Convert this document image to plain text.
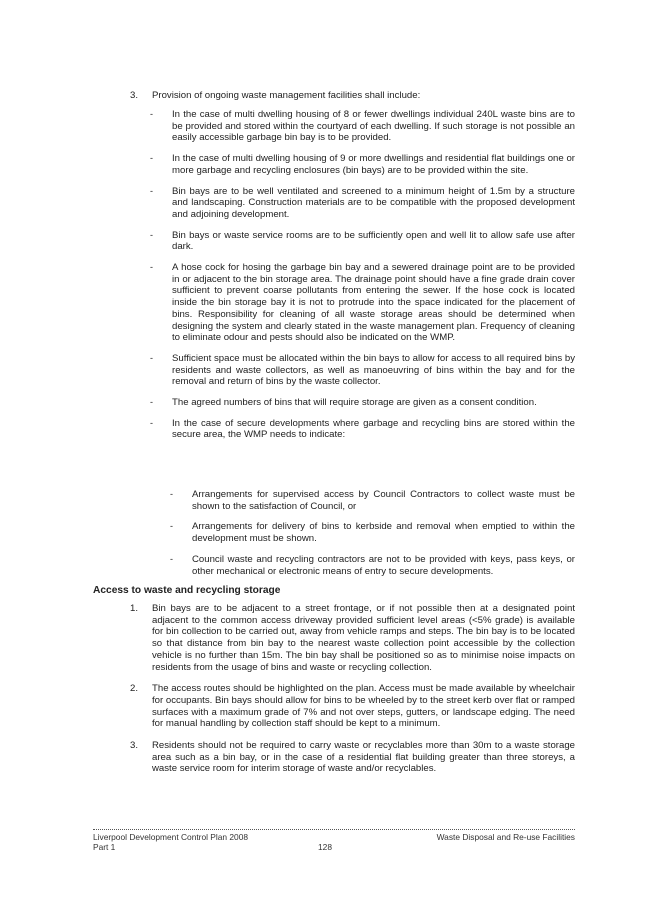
3.	Provision of ongoing waste management facilities shall include:
-	In the case of multi dwelling housing of 8 or fewer dwellings individual 240L waste bins are to be provided and stored within the courtyard of each dwelling. If such storage is not possible an easily accessible garbage bin bay is to be provided.
-	In the case of multi dwelling housing of 9 or more dwellings and residential flat buildings one or more garbage and recycling enclosures (bin bays) are to be provided within the site.
-	Bin bays are to be well ventilated and screened to a minimum height of 1.5m by a structure and landscaping. Construction materials are to be compatible with the proposed development and adjoining development.
-	Bin bays or waste service rooms are to be sufficiently open and well lit to allow safe use after dark.
-	A hose cock for hosing the garbage bin bay and a sewered drainage point are to be provided in or adjacent to the bin storage area. The drainage point should have a fine grade drain cover sufficient to prevent coarse pollutants from entering the sewer. If the hose cock is located inside the bin storage bay it is not to protrude into the space indicated for the placement of bins. Responsibility for cleaning of all waste storage areas should be determined when designing the system and clearly stated in the waste management plan. Frequency of cleaning to eliminate odour and pests should also be indicated on the WMP.
-	Sufficient space must be allocated within the bin bays to allow for access to all required bins by residents and waste collectors, as well as manoeuvring of bins within the bay and for the removal and return of bins by the waste collector.
-	The agreed numbers of bins that will require storage are given as a consent condition.
-	In the case of secure developments where garbage and recycling bins are stored within the secure area, the WMP needs to indicate:
-	Arrangements for supervised access by Council Contractors to collect waste must be shown to the satisfaction of Council, or
-	Arrangements for delivery of bins to kerbside and removal when emptied to within the development must be shown.
-	Council waste and recycling contractors are not to be provided with keys, pass keys, or other mechanical or electronic means of entry to secure developments.
Access to waste and recycling storage
1.	Bin bays are to be adjacent to a street frontage, or if not possible then at a designated point adjacent to the common access driveway provided sufficient level areas (<5% grade) is available for bin collection to be carried out, away from vehicle ramps and steps. The bin bay is to be located so that distance from bin bay to the nearest waste collection point accessible by the collection vehicle is no further than 15m. The bin bay shall be positioned so as to minimise noise impacts on residents from the usage of bins and waste or recycling collection.
2.	The access routes should be highlighted on the plan. Access must be made available by wheelchair for occupants. Bin bays should allow for bins to be wheeled by to the street kerb over flat or ramped surfaces with a maximum grade of 7% and not over steps, gutters, or landscape edging. The need for manual handling by collection staff should be kept to a minimum.
3.	Residents should not be required to carry waste or recyclables more than 30m to a waste storage area such as a bin bay, or in the case of a residential flat building greater than three storeys, a waste service room for interim storage of waste and/or recyclables.
Liverpool Development Control Plan 2008
Part 1	128
Waste Disposal and Re-use Facilities
